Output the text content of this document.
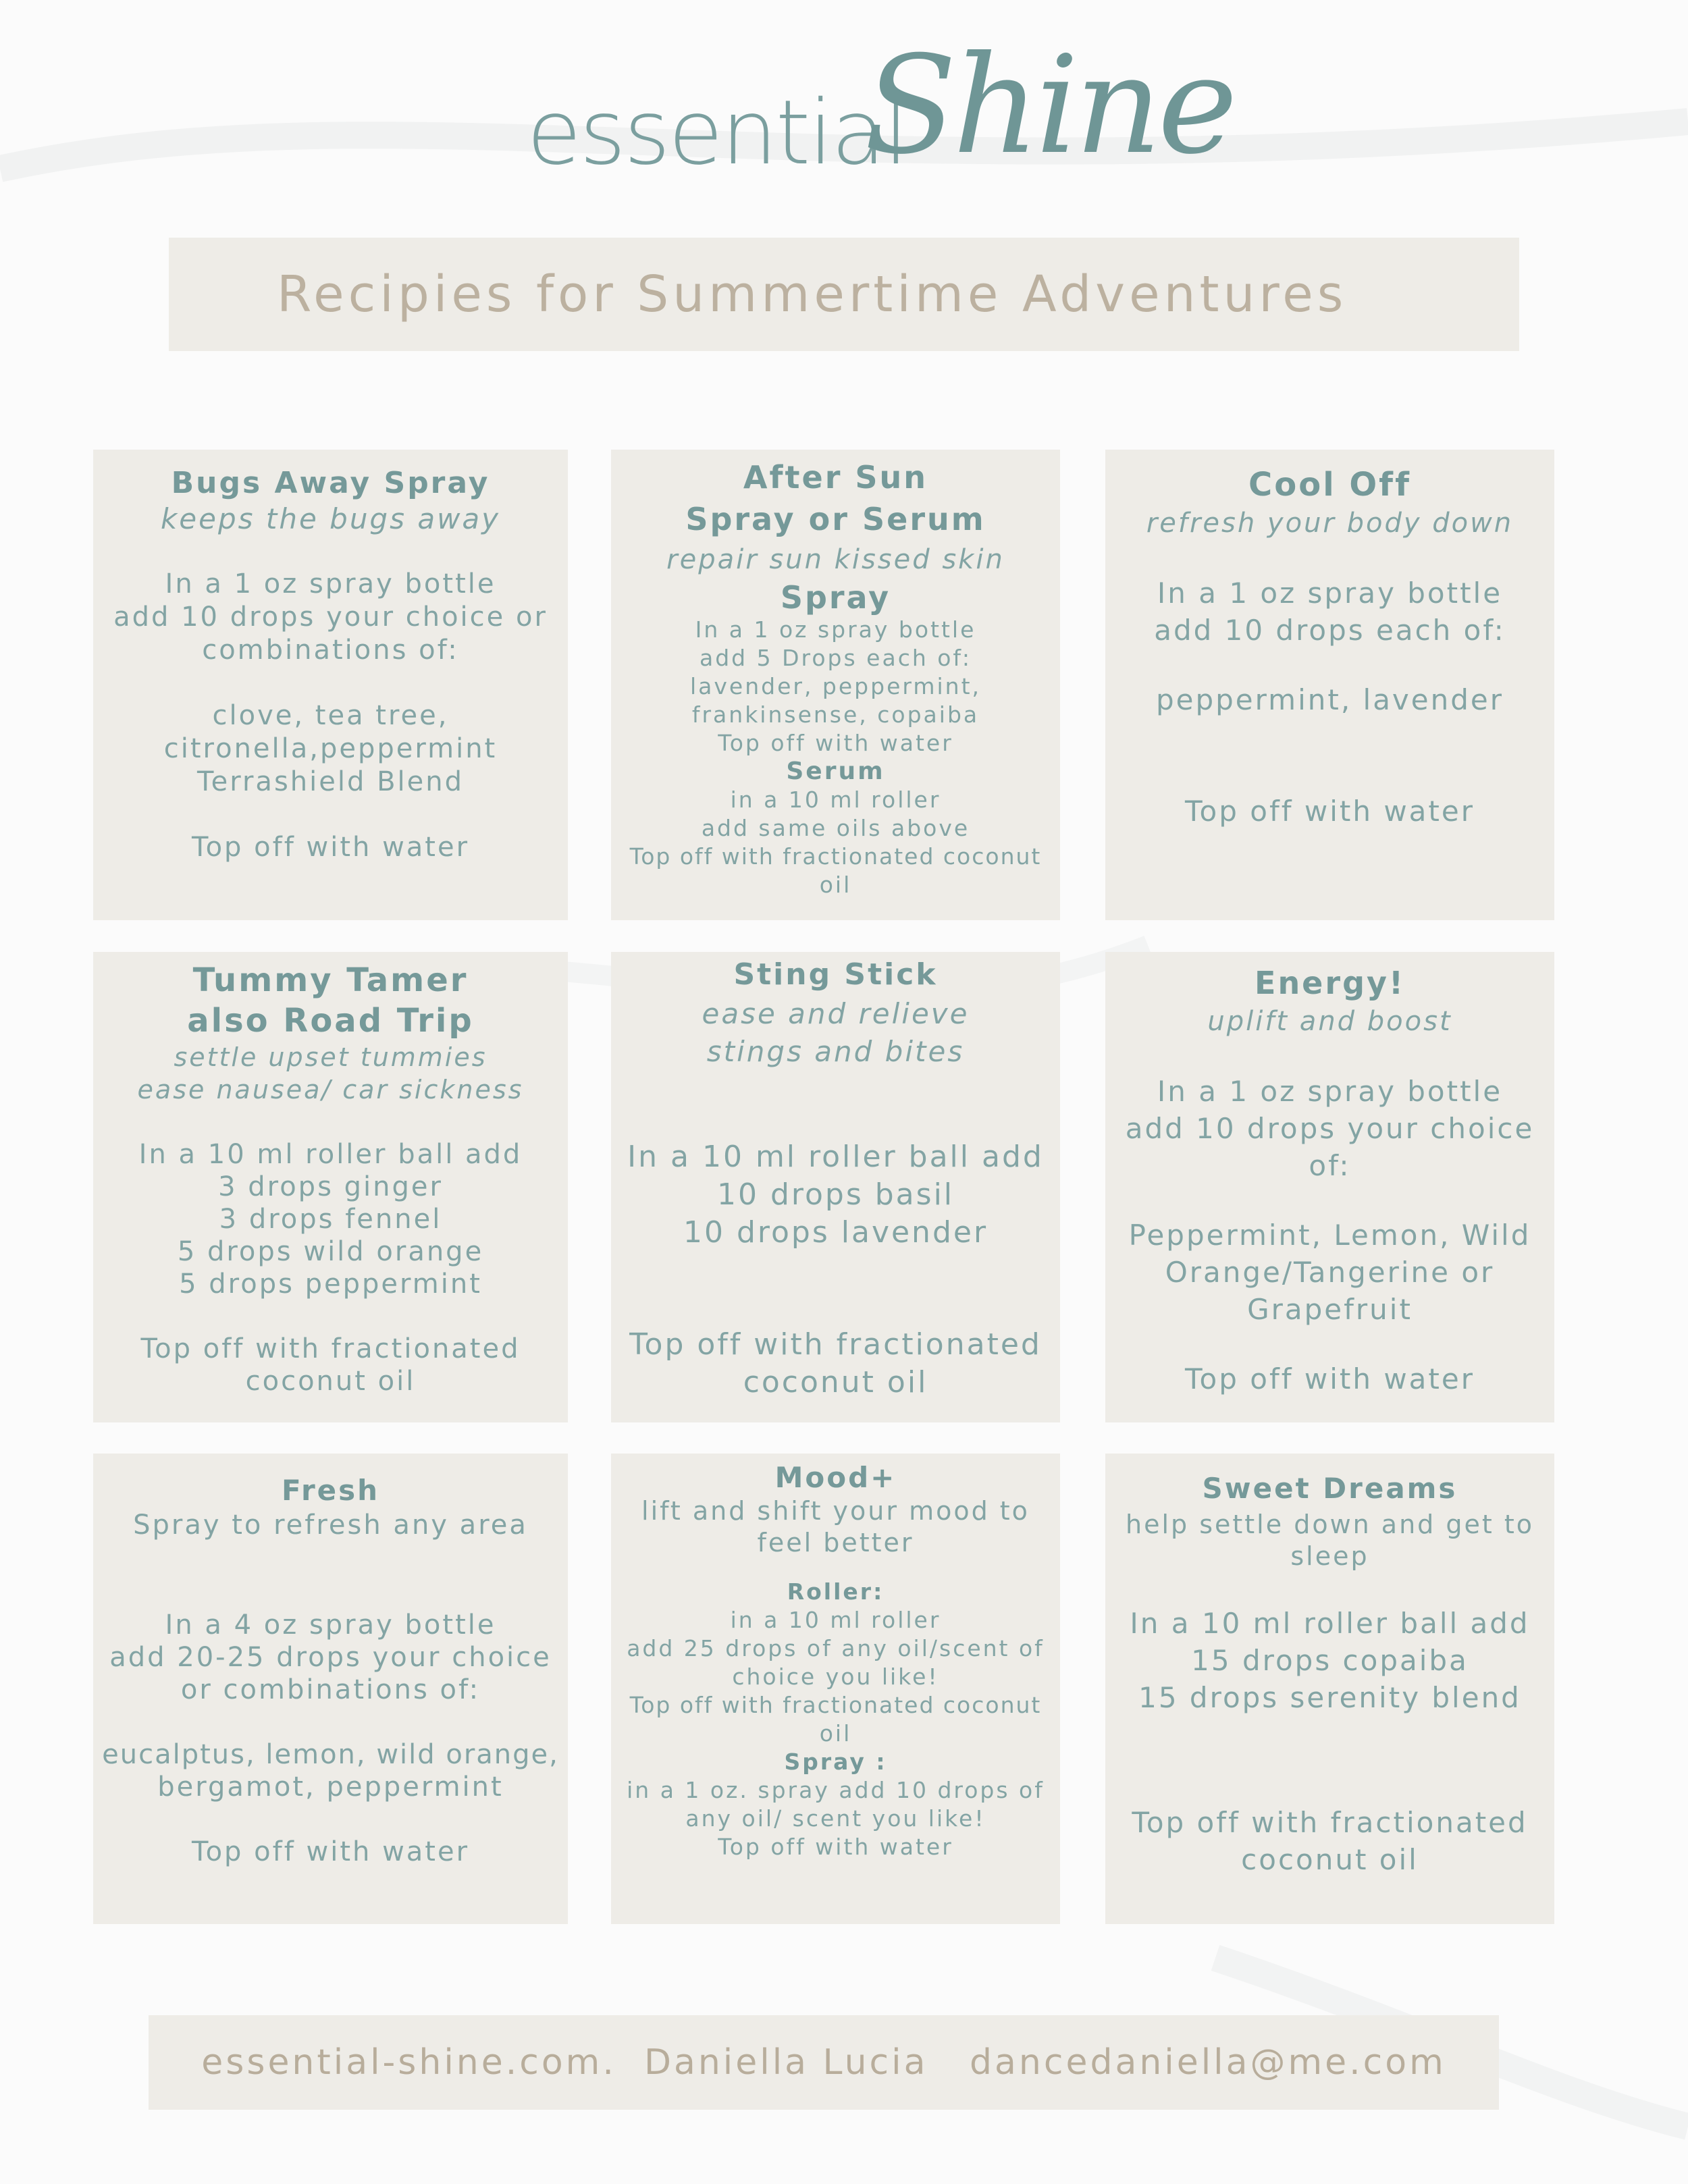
essential
Shine
Recipies for Summertime Adventures

Bugs Away Spray

keeps the bugs away

In a 1 oz spray bottle

add 10 drops your choice or

combinations of:

clove, tea tree,

citronella,peppermint

Terrashield Blend

Top off with water

After Sun

Spray or Serum

repair sun kissed skin

Spray

In a 1 oz spray bottle

add 5 Drops each of:

lavender, peppermint,

frankinsense, copaiba

Top off with water

Serum

in a 10 ml roller

add same oils above

Top off with fractionated coconut

oil

Cool Off

refresh your body down

In a 1 oz spray bottle

add 10 drops each of:

peppermint, lavender

Top off with water

Tummy Tamer

also Road Trip

settle upset tummies

ease nausea/ car sickness

In a 10 ml roller ball add

3 drops ginger

3 drops fennel

5 drops wild orange

5 drops peppermint

Top off with fractionated

coconut oil

Sting Stick

ease and relieve

stings and bites

In a 10 ml roller ball add

10 drops basil

10 drops lavender

Top off with fractionated

coconut oil

Energy!

uplift and boost

In a 1 oz spray bottle

add 10 drops your choice

of:

Peppermint, Lemon, Wild

Orange/Tangerine or

Grapefruit

Top off with water

Fresh

Spray to refresh any area

In a 4 oz spray bottle

add 20-25 drops your choice

or combinations of:

eucalptus, lemon, wild orange,

bergamot, peppermint

Top off with water

Mood+

lift and shift your mood to

feel better

Roller:

in a 10 ml roller

add 25 drops of any oil/scent of

choice you like!

Top off with fractionated coconut

oil

Spray :

in a 1 oz. spray add 10 drops of

any oil/ scent you like!

Top off with water

Sweet Dreams

help settle down and get to

sleep

In a 10 ml roller ball add

15 drops copaiba

15 drops serenity blend

Top off with fractionated

coconut oil

essential-shine.com.
Daniella Lucia
dancedaniella@me.com
